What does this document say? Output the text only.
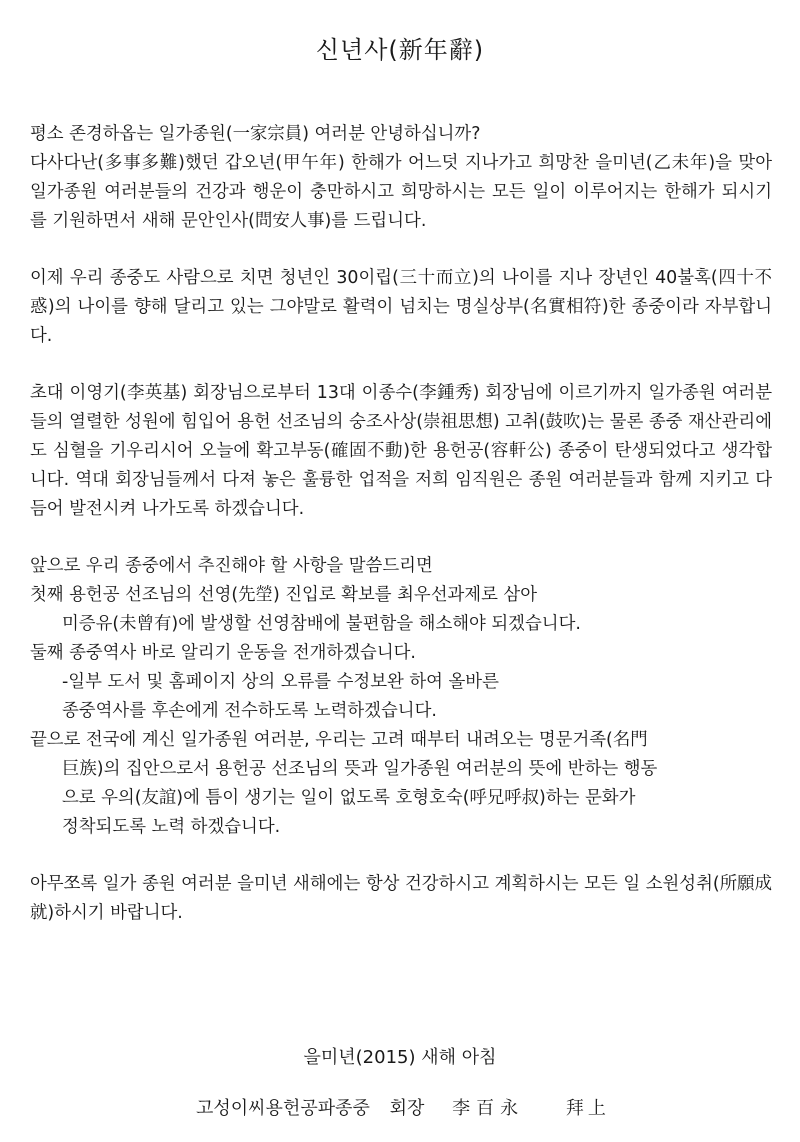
신년사(新年辭)

평소 존경하옵는 일가종원(一家宗員) 여러분 안녕하십니까?

다사다난(多事多難)했던 갑오년(甲午年) 한해가 어느덧 지나가고 희망찬 을미년(乙未年)을 맞아 일가종원 여러분들의 건강과 행운이 충만하시고 희망하시는 모든 일이 이루어지는 한해가 되시기를 기원하면서 새해 문안인사(問安人事)를 드립니다.

이제 우리 종중도 사람으로 치면 청년인 30이립(三十而立)의 나이를 지나 장년인 40불혹(四十不惑)의 나이를 향해 달리고 있는 그야말로 활력이 넘치는 명실상부(名實相符)한 종중이라 자부합니다.
초대 이영기(李英基) 회장님으로부터 13대 이종수(李鍾秀) 회장님에 이르기까지 일가종원 여러분들의 열렬한 성원에 힘입어 용헌 선조님의 숭조사상(崇祖思想) 고취(鼓吹)는 물론 종중 재산관리에도 심혈을 기우리시어 오늘에 확고부동(確固不動)한 용헌공(容軒公) 종중이 탄생되었다고 생각합니다. 역대 회장님들께서 다져 놓은 훌륭한 업적을 저희 임직원은 종원 여러분들과 함께 지키고 다듬어 발전시켜 나가도록 하겠습니다.

앞으로 우리 종중에서 추진해야 할 사항을 말씀드리면

첫째 용헌공 선조님의 선영(先塋) 진입로 확보를 최우선과제로 삼아

미증유(未曾有)에 발생할 선영참배에 불편함을 해소해야 되겠습니다.

둘째 종중역사 바로 알리기 운동을 전개하겠습니다.

-일부 도서 및 홈페이지 상의 오류를 수정보완 하여 올바른

종중역사를 후손에게 전수하도록 노력하겠습니다.

끝으로 전국에 계신 일가종원 여러분, 우리는 고려 때부터 내려오는 명문거족(名門

巨族)의 집안으로서 용헌공 선조님의 뜻과 일가종원 여러분의 뜻에 반하는 행동

으로 우의(友誼)에 틈이 생기는 일이 없도록 호형호숙(呼兄呼叔)하는 문화가

정착되도록 노력 하겠습니다.

아무쪼록 일가 종원 여러분 을미년 새해에는 항상 건강하시고 계획하시는 모든 일 소원성취(所願成就)하시기 바랍니다.
을미년(2015) 새해 아침
고성이씨용헌공파종중 회장 李百永 拜上
